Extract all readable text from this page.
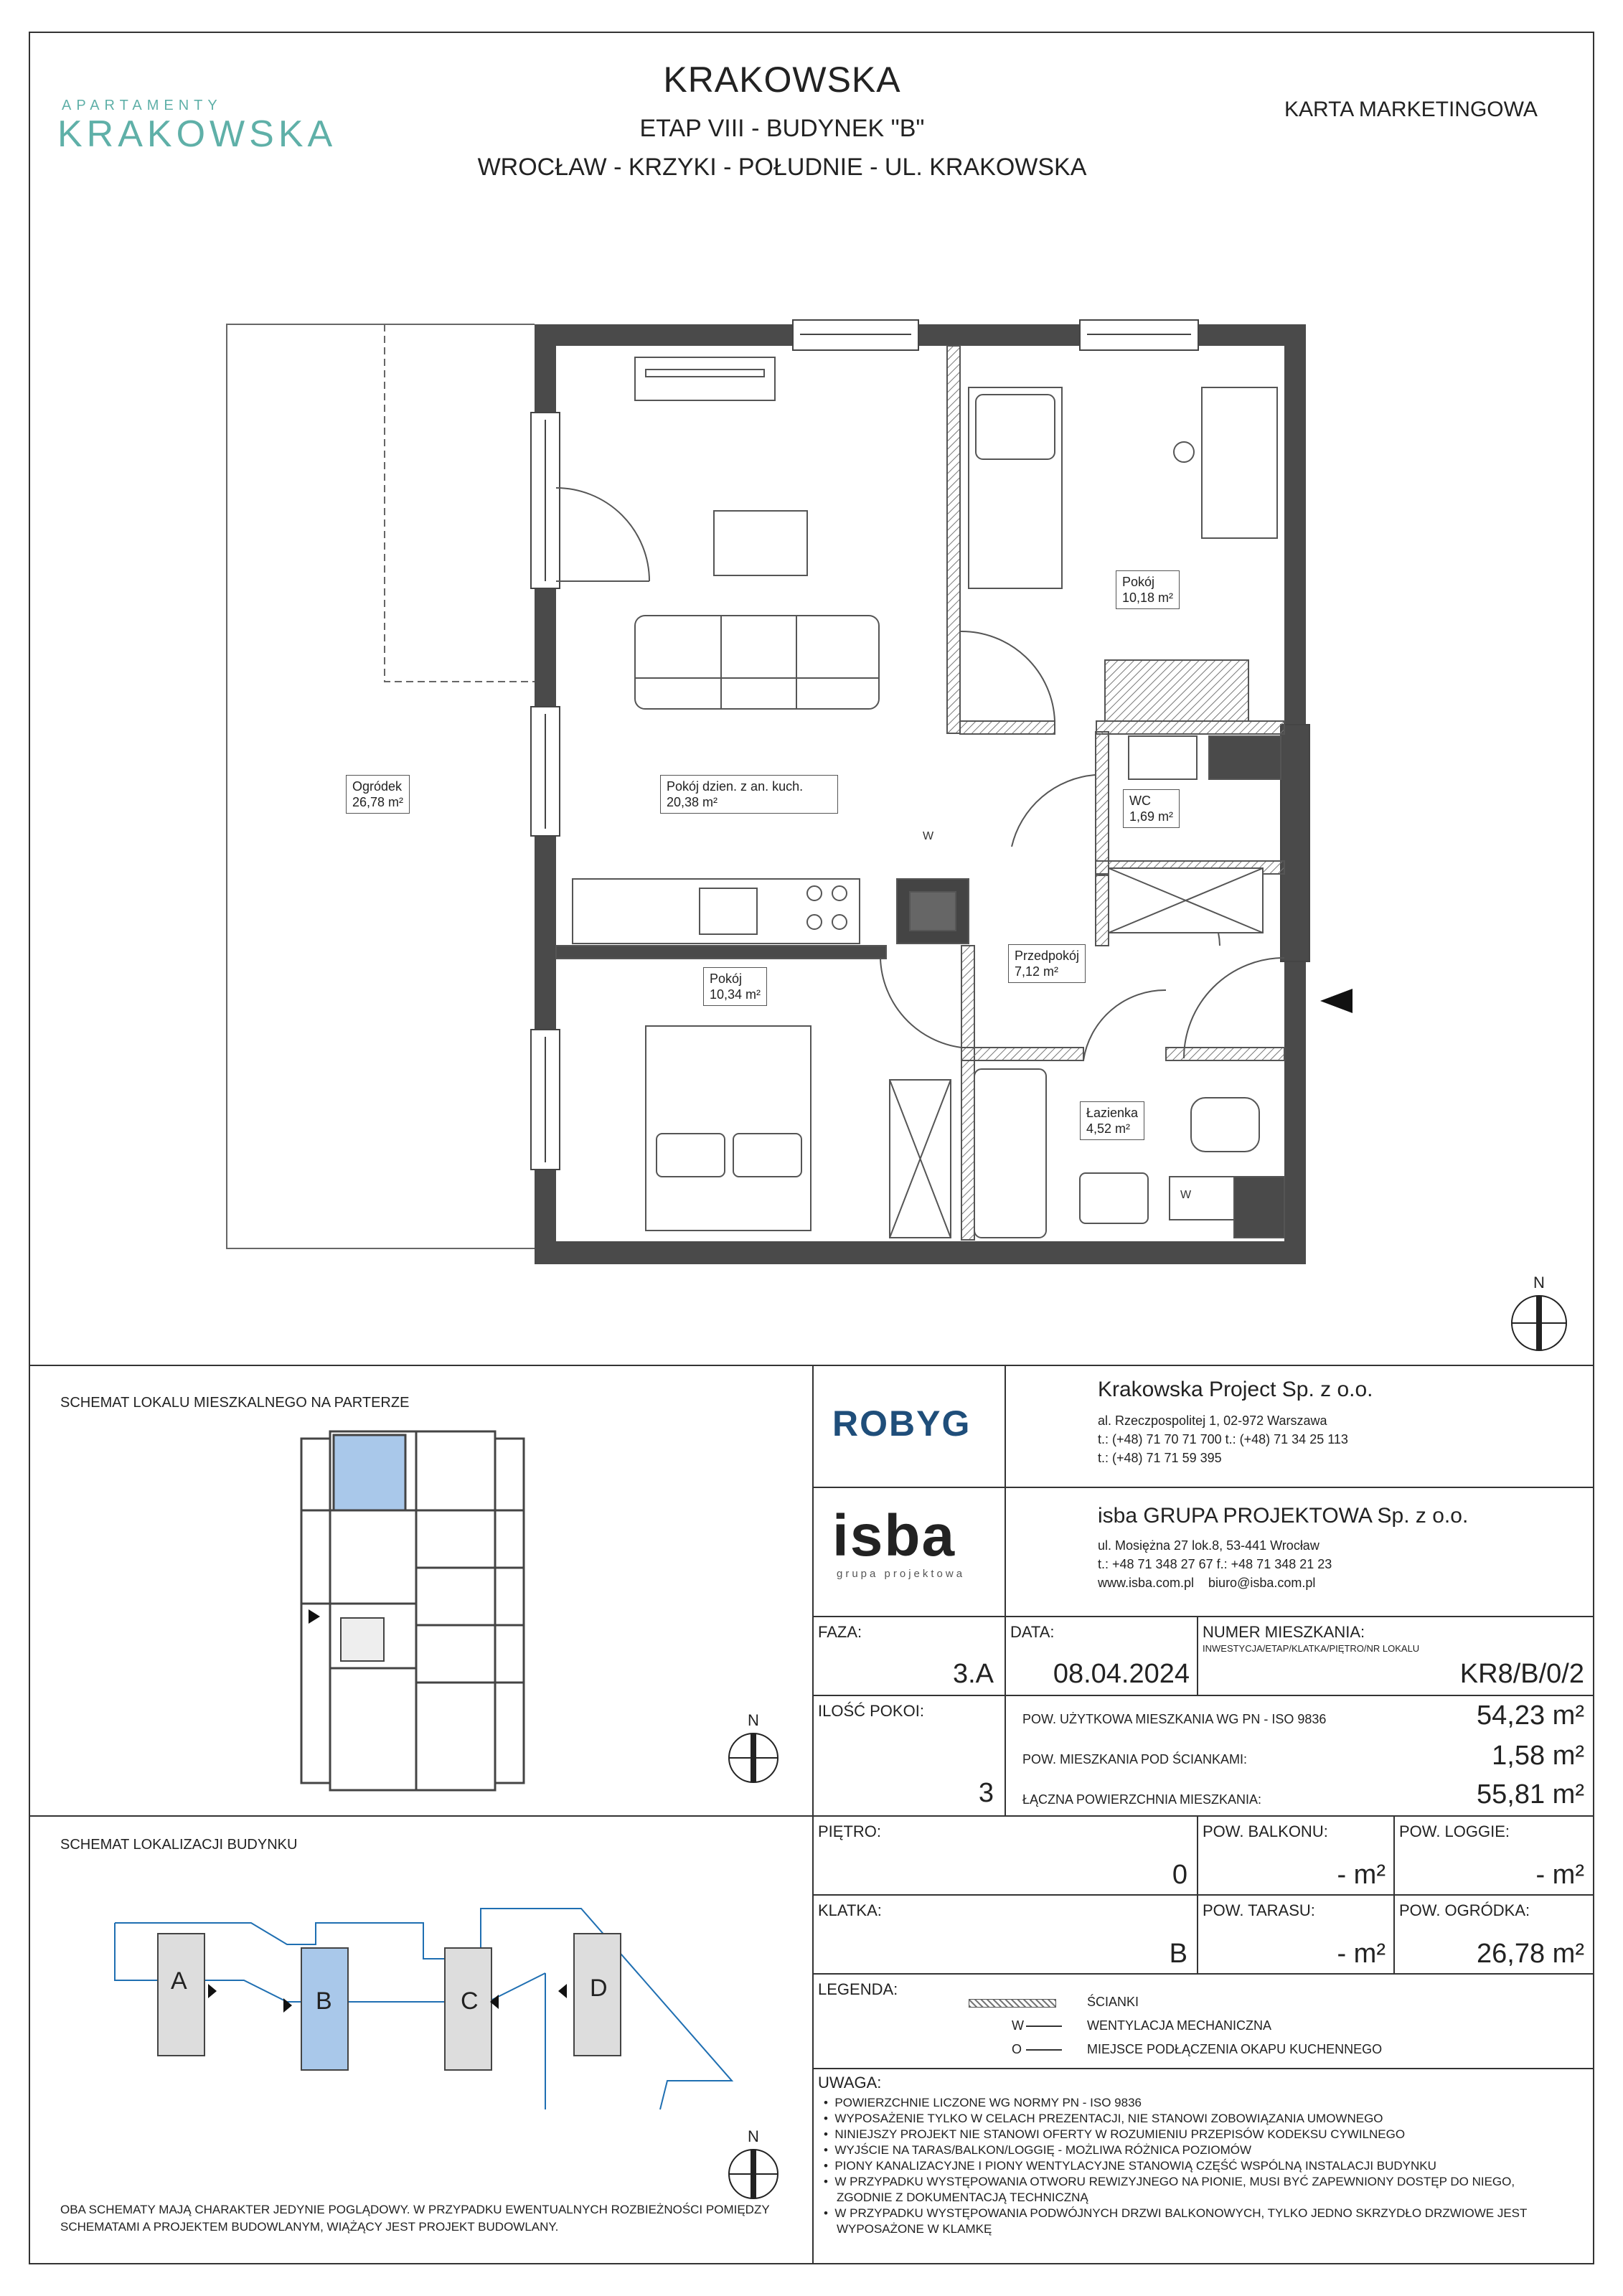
APARTAMENTY
KRAKOWSKA
KRAKOWSKA
ETAP VIII - BUDYNEK "B"
WROCŁAW - KRZYKI - POŁUDNIE - UL. KRAKOWSKA
KARTA MARKETINGOWA
W
W
Ogródek
26,78 m²
Pokój dzien. z an. kuch.
20,38 m²
Pokój
10,18 m²
WC
1,69 m²
Przedpokój
7,12 m²
Pokój
10,34 m²
Łazienka
4,52 m²
N
SCHEMAT LOKALU MIESZKALNEGO NA PARTERZE
N
SCHEMAT LOKALIZACJI BUDYNKU
A
B	C	D
N
OBA SCHEMATY MAJĄ CHARAKTER JEDYNIE POGLĄDOWY. W PRZYPADKU EWENTUALNYCH ROZBIEŻNOŚCI POMIĘDZY SCHEMATAMI A PROJEKTEM BUDOWLANYM, WIĄŻĄCY JEST PROJEKT BUDOWLANY.
ROBYG
Krakowska Project Sp. z o.o.
al. Rzeczpospolitej 1, 02-972 Warszawa
t.: (+48) 71 70 71 700 t.: (+48) 71 34 25 113
t.: (+48) 71 71 59 395
isba
grupa projektowa
isba GRUPA PROJEKTOWA Sp. z o.o.
ul. Mosiężna 27 lok.8, 53-441 Wrocław
t.: +48 71 348 27 67 f.: +48 71 348 21 23
www.isba.com.pl    biuro@isba.com.pl
FAZA:
3.A
DATA:
08.04.2024
NUMER MIESZKANIA:
INWESTYCJA/ETAP/KLATKA/PIĘTRO/NR LOKALU
KR8/B/0/2
ILOŚĆ POKOI:
3
POW. UŻYTKOWA MIESZKANIA WG PN - ISO 9836	54,23 m²
POW. MIESZKANIA POD ŚCIANKAMI:	1,58 m²
ŁĄCZNA POWIERZCHNIA MIESZKANIA:	55,81 m²
PIĘTRO:
0
POW. BALKONU:
- m²
POW. LOGGIE:
- m²
KLATKA:
B
POW. TARASU:
- m²
POW. OGRÓDKA:
26,78 m²
LEGENDA:
ŚCIANKI
W	WENTYLACJA MECHANICZNA
O	MIEJSCE PODŁĄCZENIA OKAPU KUCHENNEGO
UWAGA:
•  POWIERZCHNIE LICZONE WG NORMY PN - ISO 9836
•  WYPOSAŻENIE TYLKO W CELACH PREZENTACJI, NIE STANOWI ZOBOWIĄZANIA UMOWNEGO
•  NINIEJSZY PROJEKT NIE STANOWI OFERTY W ROZUMIENIU PRZEPISÓW KODEKSU CYWILNEGO
•  WYJŚCIE NA TARAS/BALKON/LOGGIĘ - MOŻLIWA RÓŻNICA POZIOMÓW
•  PIONY KANALIZACYJNE I PIONY WENTYLACYJNE STANOWIĄ CZĘŚĆ WSPÓLNĄ INSTALACJI BUDYNKU
•  W PRZYPADKU WYSTĘPOWANIA OTWORU REWIZYJNEGO NA PIONIE, MUSI BYĆ ZAPEWNIONY DOSTĘP DO NIEGO, ZGODNIE Z DOKUMENTACJĄ TECHNICZNĄ
•  W PRZYPADKU WYSTĘPOWANIA PODWÓJNYCH DRZWI BALKONOWYCH, TYLKO JEDNO SKRZYDŁO DRZWIOWE JEST WYPOSAŻONE W KLAMKĘ
